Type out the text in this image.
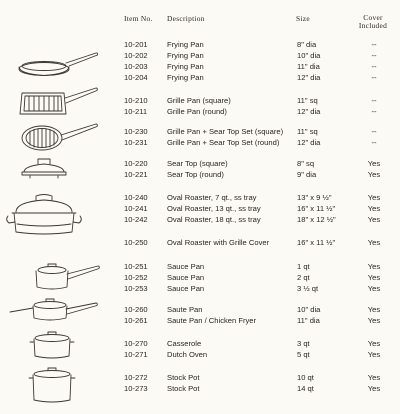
Item No. Description	Size	Cover
Included
10-201	Frying Pan	8" dia	--
10-202	Frying Pan	10" dia	--
10-203	Frying Pan	11" dia	--
10-204	Frying Pan	12" dia	--
10-210	Grille Pan (square)	11" sq	--
10-211	Grille Pan (round)	12" dia	--
10-230	Grille Pan + Sear Top Set (square) 11" sq	--
10-231	Grille Pan + Sear Top Set (round) 12" dia	--
10-220	Sear Top (square)	8" sq	Yes
10-221	Sear Top (round)	9" dia	Yes
10-240	Oval Roaster, 7 qt., ss tray	13" x 9 ½"	Yes
10-241	Oval Roaster, 13 qt., ss tray	16" x 11 ½"	Yes
10-242	Oval Roaster, 18 qt., ss tray	18" x 12 ½"	Yes
10-250	Oval Roaster with Grille Cover	16" x 11 ½"	Yes
10-251	Sauce Pan	1 qt	Yes
10-252	Sauce Pan	2 qt	Yes
10-253	Sauce Pan	3 ½ qt	Yes
10-260	Saute Pan	10" dia	Yes
10-261	Saute Pan / Chicken Fryer	11" dia	Yes
10-270	Casserole	3 qt	Yes
10-271	Dutch Oven	5 qt	Yes
10-272	Stock Pot	10 qt	Yes
10-273	Stock Pot	14 qt	Yes
